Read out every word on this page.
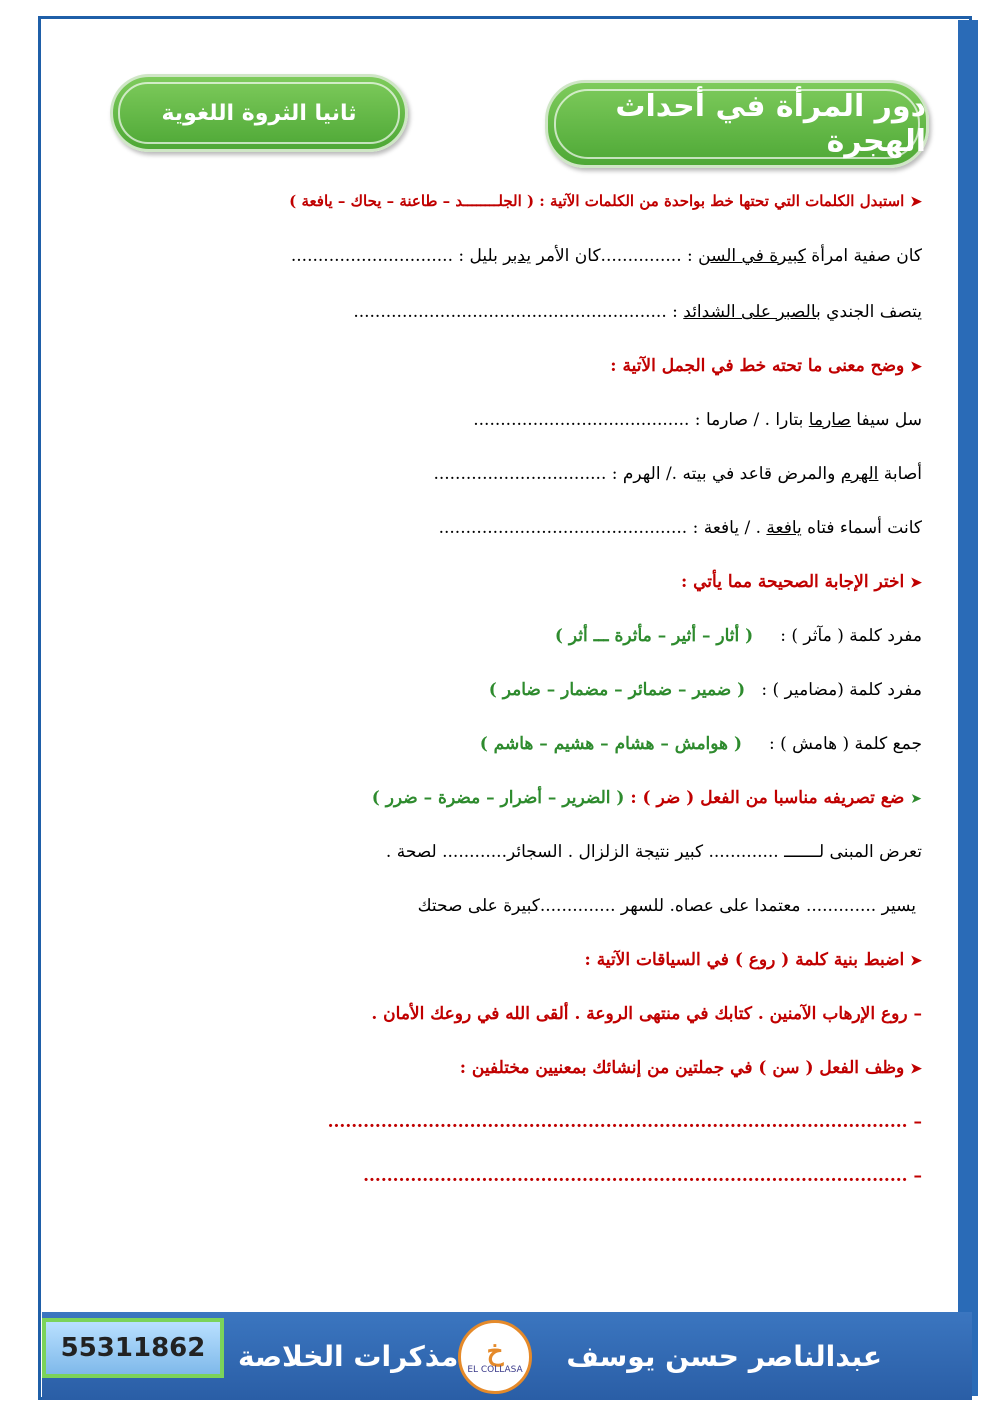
دور المرأة في أحداث الهجرة
ثانيا الثروة اللغوية
➤استبدل الكلمات التي تحتها خط بواحدة من الكلمات الآتية : ( الجلــــــــد – طاعنة – يحاك – يافعة )
كان صفية امرأة كبيرة في السن : ...............كان الأمر يدبر بليل : ..............................
يتصف الجندي بالصبر على الشدائد : ..........................................................
➤وضح معنى ما تحته خط في الجمل الآتية :
سل سيفا صارما بتارا . / صارما : ........................................
أصابة الهرم والمرض قاعد في بيته ./ الهرم : ................................
كانت أسماء فتاه يافعة . / يافعة : ..............................................
➤اختر الإجابة الصحيحة مما يأتي :
مفرد كلمة ( مآثر ) :     ( أثار – أثير – مأثرة ـــ أثر )
مفرد كلمة (مضامير ) :   ( ضمير – ضمائر – مضمار – ضامر )
جمع كلمة ( هامش ) :     ( هوامش – هشام – هشيم – هاشم )
➤ضع تصريفه مناسبا من الفعل ( ضر ) : ( الضرير – أضرار – مضرة – ضرر )
تعرض المبنى لـــــــ ............. كبير نتيجة الزلزال . السجائر............ لصحة .
يسير ............. معتمدا على عصاه. للسهر ..............كبيرة على صحتك
➤اضبط بنية كلمة ( روع ) في السياقات الآتية :
– روع الإرهاب الآمنين . كتابك في منتهى الروعة . ألقى الله في روعك الأمان .
➤وظف الفعل ( سن ) في جملتين من إنشائك بمعنيين مختلفين :
– ..................................................................................................
– ............................................................................................
عبدالناصر حسن يوسف
مذكرات الخلاصة خ
EL COLLASA
55311862
